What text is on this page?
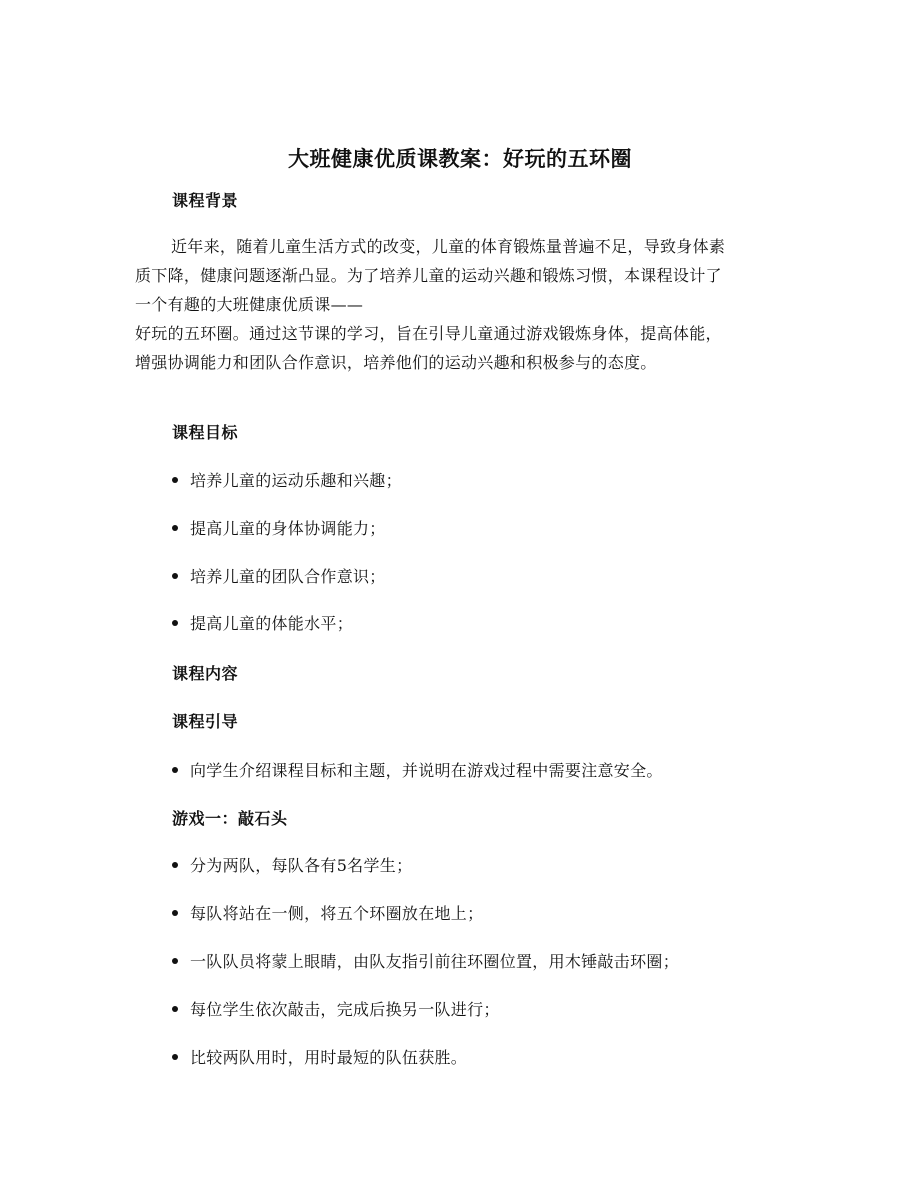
大班健康优质课教案：好玩的五环圈
课程背景
近年来，随着儿童生活方式的改变，儿童的体育锻炼量普遍不足，导致身体素
质下降，健康问题逐渐凸显。为了培养儿童的运动兴趣和锻炼习惯，本课程设计了
一个有趣的大班健康优质课——
好玩的五环圈。通过这节课的学习，旨在引导儿童通过游戏锻炼身体，提高体能，
增强协调能力和团队合作意识，培养他们的运动兴趣和积极参与的态度。
课程目标
培养儿童的运动乐趣和兴趣；
提高儿童的身体协调能力；
培养儿童的团队合作意识；
提高儿童的体能水平；
课程内容
课程引导
向学生介绍课程目标和主题，并说明在游戏过程中需要注意安全。
游戏一：敲石头
分为两队，每队各有5名学生；
每队将站在一侧，将五个环圈放在地上；
一队队员将蒙上眼睛，由队友指引前往环圈位置，用木锤敲击环圈；
每位学生依次敲击，完成后换另一队进行；
比较两队用时，用时最短的队伍获胜。
